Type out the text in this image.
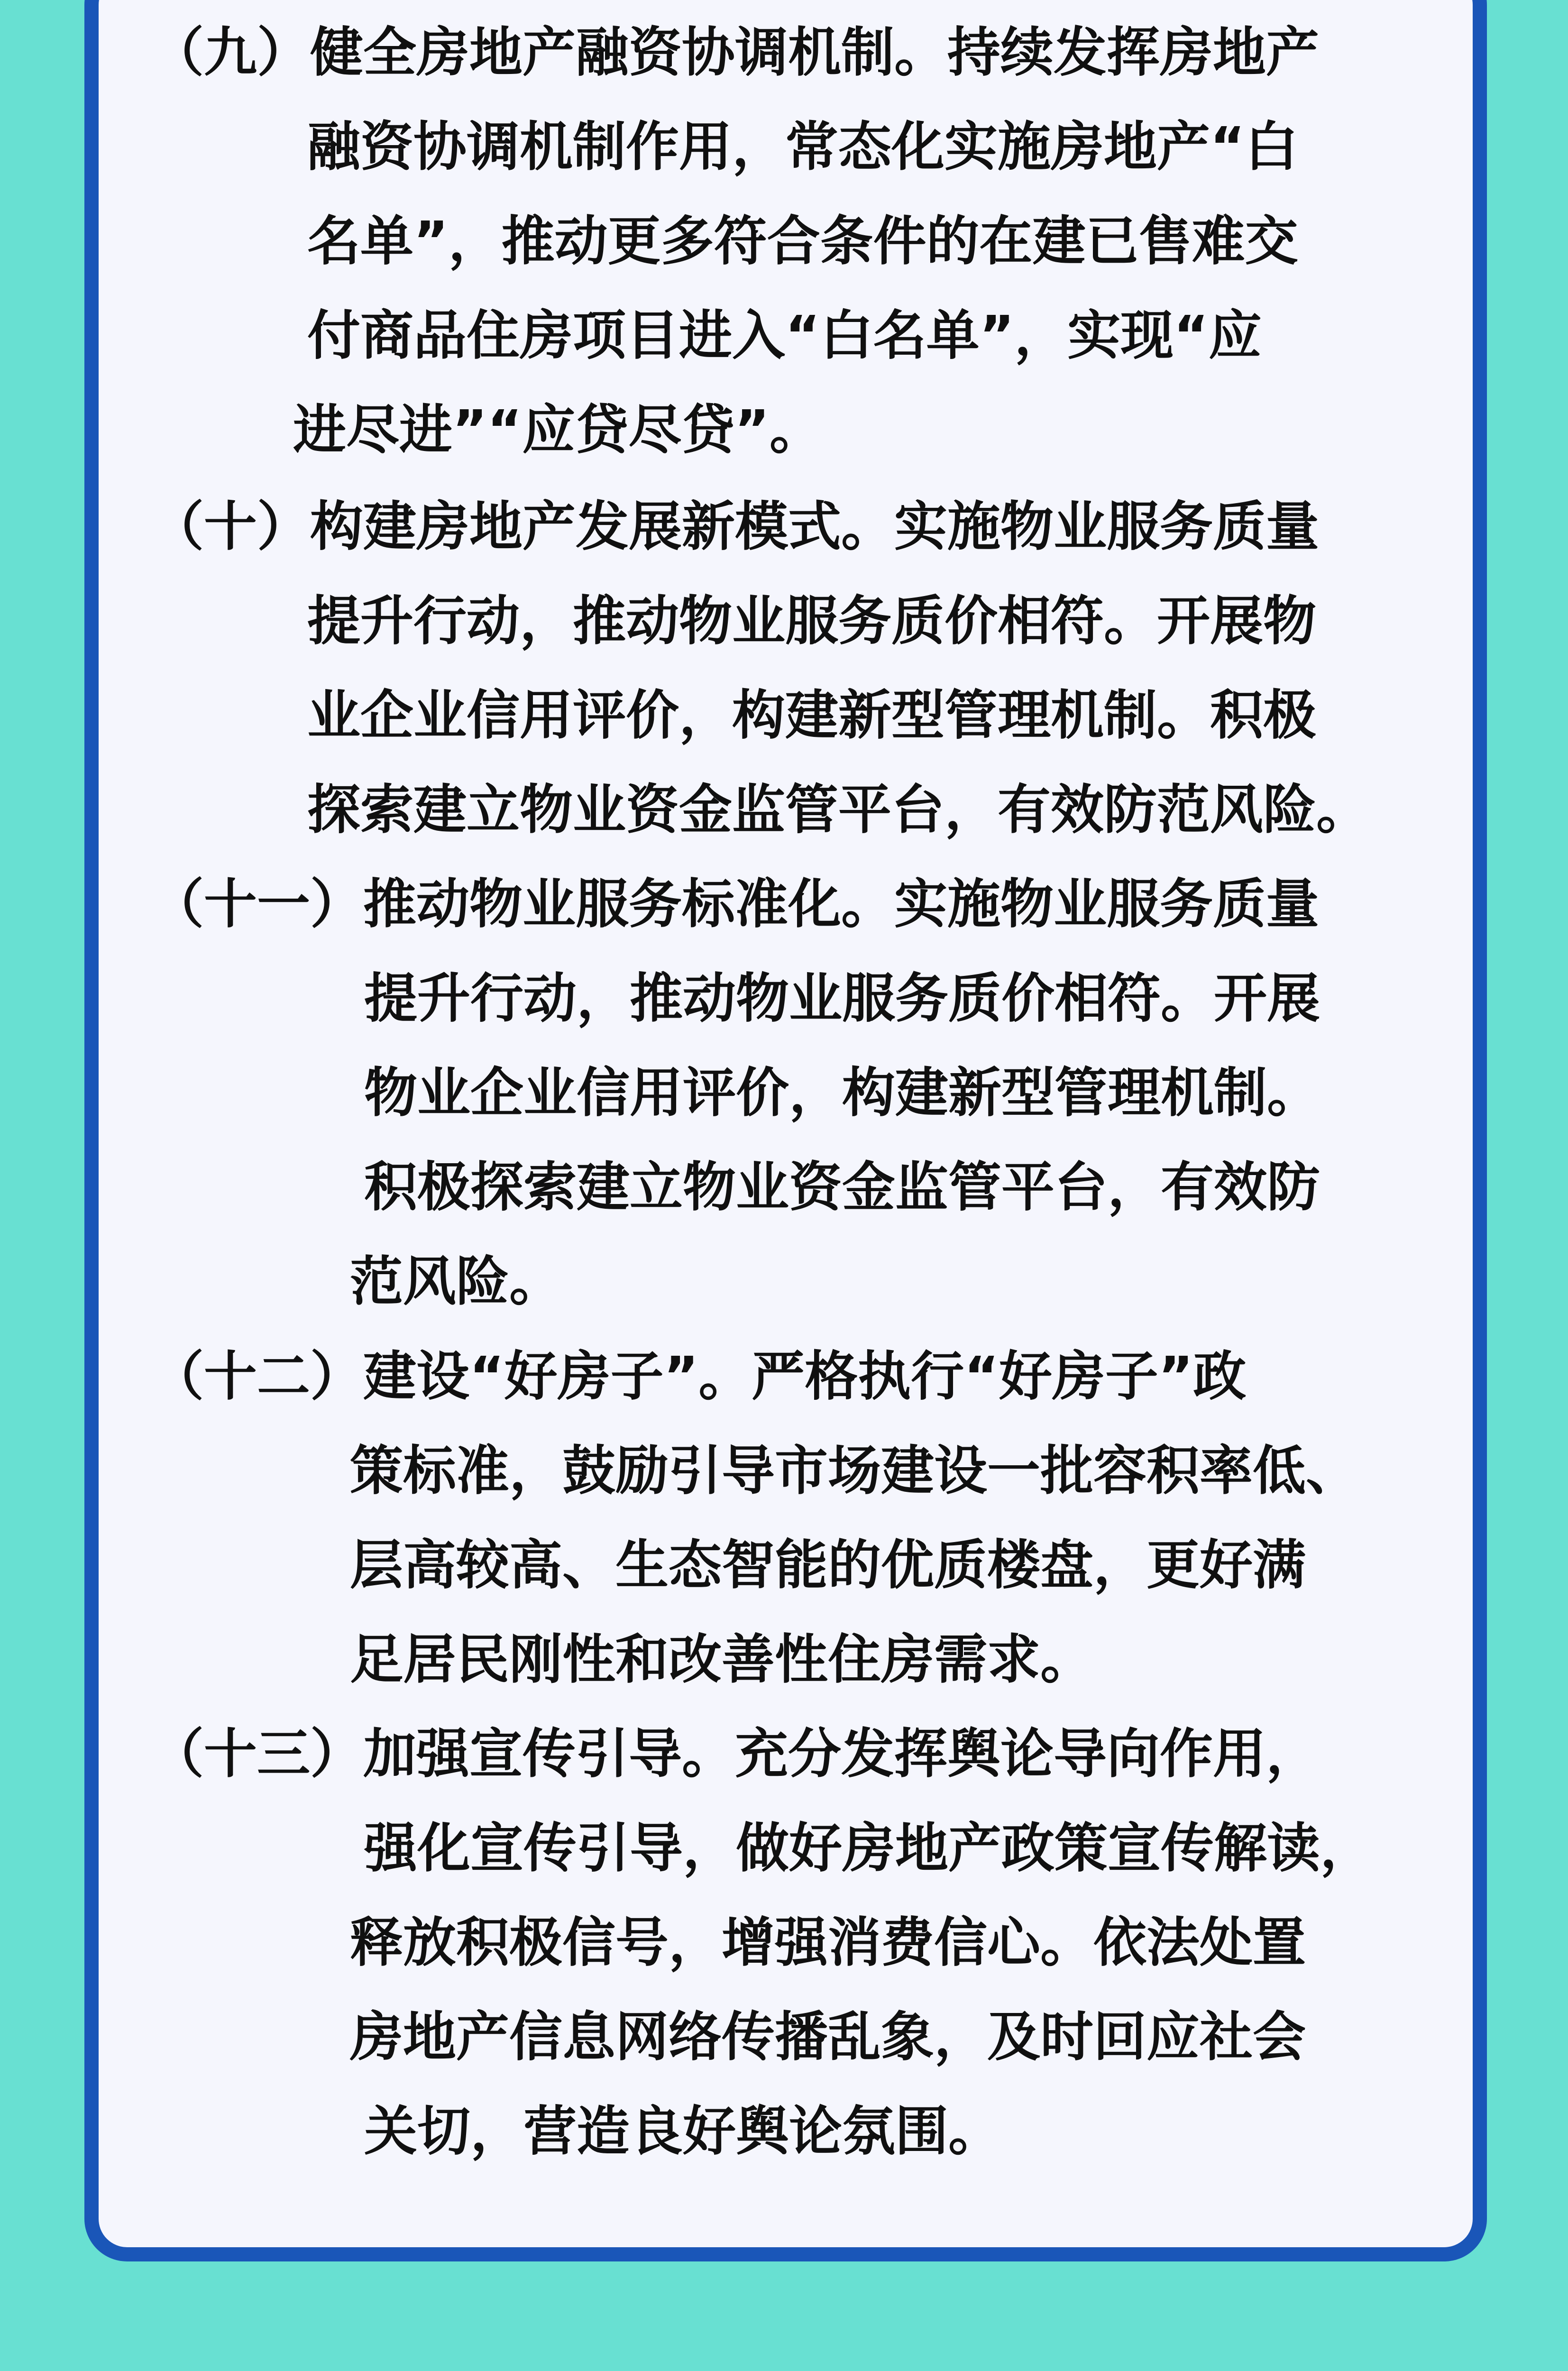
（九）健全房地产融资协调机制。持续发挥房地产
融资协调机制作用，常态化实施房地产“白
名单”，推动更多符合条件的在建已售难交
付商品住房项目进入“白名单”，实现“应
进尽进”“应贷尽贷”。
（十）构建房地产发展新模式。实施物业服务质量
提升行动，推动物业服务质价相符。开展物
业企业信用评价，构建新型管理机制。积极
探索建立物业资金监管平台，有效防范风险。
（十一）推动物业服务标准化。实施物业服务质量
提升行动，推动物业服务质价相符。开展
物业企业信用评价，构建新型管理机制。
积极探索建立物业资金监管平台，有效防
范风险。
（十二）建设“好房子”。严格执行“好房子”政
策标准，鼓励引导市场建设一批容积率低、
层高较高、生态智能的优质楼盘，更好满
足居民刚性和改善性住房需求。
（十三）加强宣传引导。充分发挥舆论导向作用，
强化宣传引导，做好房地产政策宣传解读，
释放积极信号，增强消费信心。依法处置
房地产信息网络传播乱象，及时回应社会
关切，营造良好舆论氛围。
